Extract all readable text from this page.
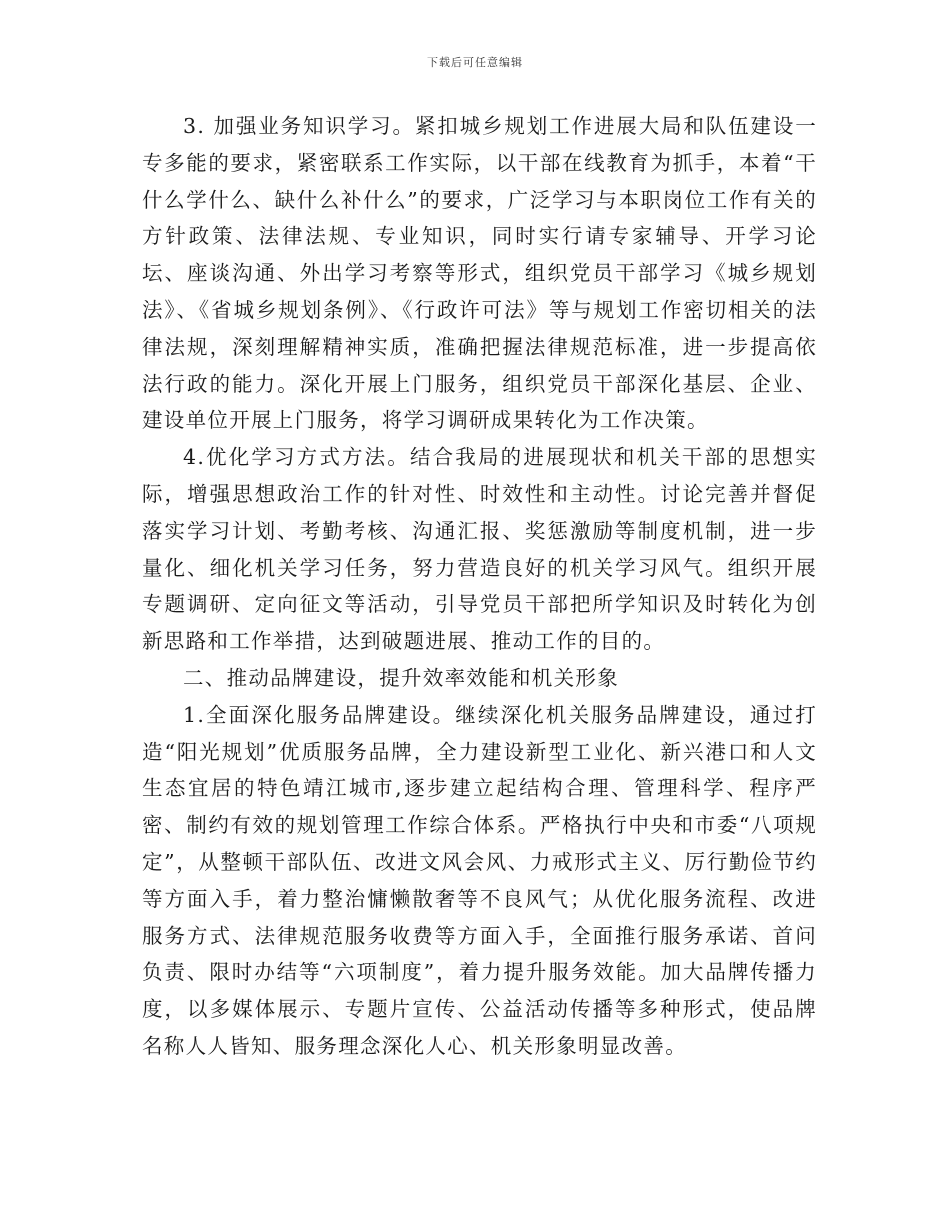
下载后可任意编辑

3. 加强业务知识学习。紧扣城乡规划工作进展大局和队伍建设一专多能的要求，紧密联系工作实际，以干部在线教育为抓手，本着“干什么学什么、缺什么补什么”的要求，广泛学习与本职岗位工作有关的方针政策、法律法规、专业知识，同时实行请专家辅导、开学习论坛、座谈沟通、外出学习考察等形式，组织党员干部学习《城乡规划法》、《省城乡规划条例》、《行政许可法》等与规划工作密切相关的法律法规，深刻理解精神实质，准确把握法律规范标准，进一步提高依法行政的能力。深化开展上门服务，组织党员干部深化基层、企业、建设单位开展上门服务，将学习调研成果转化为工作决策。

4.优化学习方式方法。结合我局的进展现状和机关干部的思想实际，增强思想政治工作的针对性、时效性和主动性。讨论完善并督促落实学习计划、考勤考核、沟通汇报、奖惩激励等制度机制，进一步量化、细化机关学习任务，努力营造良好的机关学习风气。组织开展专题调研、定向征文等活动，引导党员干部把所学知识及时转化为创新思路和工作举措，达到破题进展、推动工作的目的。

二、推动品牌建设，提升效率效能和机关形象

1.全面深化服务品牌建设。继续深化机关服务品牌建设，通过打造“阳光规划”优质服务品牌，全力建设新型工业化、新兴港口和人文生态宜居的特色靖江城市,逐步建立起结构合理、管理科学、程序严密、制约有效的规划管理工作综合体系。严格执行中央和市委“八项规定”，从整顿干部队伍、改进文风会风、力戒形式主义、厉行勤俭节约等方面入手，着力整治慵懒散奢等不良风气；从优化服务流程、改进服务方式、法律规范服务收费等方面入手，全面推行服务承诺、首问负责、限时办结等“六项制度”，着力提升服务效能。加大品牌传播力度，以多媒体展示、专题片宣传、公益活动传播等多种形式，使品牌名称人人皆知、服务理念深化人心、机关形象明显改善。
